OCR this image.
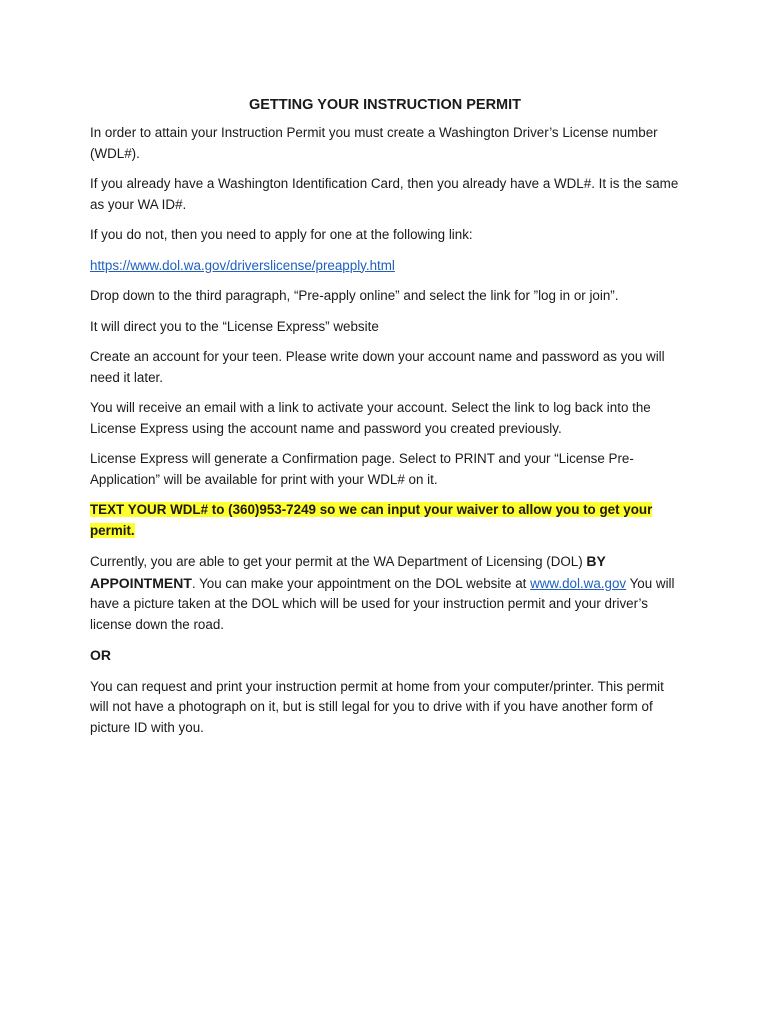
GETTING YOUR INSTRUCTION PERMIT

In order to attain your Instruction Permit you must create a Washington Driver’s License number (WDL#).

If you already have a Washington Identification Card, then you already have a WDL#. It is the same as your WA ID#.

If you do not, then you need to apply for one at the following link:

https://www.dol.wa.gov/driverslicense/preapply.html

Drop down to the third paragraph, “Pre-apply online” and select the link for ”log in or join”.

It will direct you to the “License Express” website

Create an account for your teen. Please write down your account name and password as you will need it later.

You will receive an email with a link to activate your account. Select the link to log back into the License Express using the account name and password you created previously.

License Express will generate a Confirmation page. Select to PRINT and your “License Pre-Application” will be available for print with your WDL# on it.

TEXT YOUR WDL# to (360)953-7249 so we can input your waiver to allow you to get your permit.

Currently, you are able to get your permit at the WA Department of Licensing (DOL) BY APPOINTMENT. You can make your appointment on the DOL website at www.dol.wa.gov You will have a picture taken at the DOL which will be used for your instruction permit and your driver’s license down the road.

OR

You can request and print your instruction permit at home from your computer/printer. This permit will not have a photograph on it, but is still legal for you to drive with if you have another form of picture ID with you.
